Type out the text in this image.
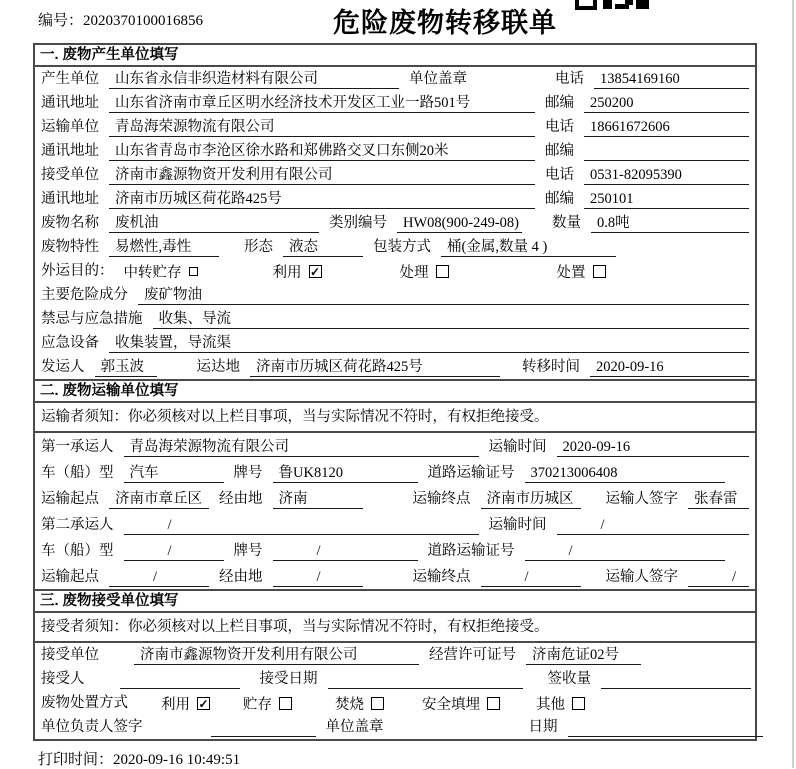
编号：2020370100016856	危险废物转移联单
一. 废物产生单位填写
产生单位	山东省永信非织造材料有限公司	单位盖章	电话	13854169160
通讯地址	山东省济南市章丘区明水经济技术开发区工业一路501号	邮编	250200
运输单位	青岛海荣源物流有限公司	电话	18661672606
通讯地址	山东省青岛市李沧区徐水路和郑佛路交叉口东侧20米	邮编
接受单位	济南市鑫源物资开发利用有限公司	电话	0531-82095390
通讯地址	济南市历城区荷花路425号	邮编	250101
废物名称	废机油	类别编号	HW08(900-249-08) 数量	0.8吨
废物特性	易燃性,毒性	形态	液态	包装方式	桶(金属,数量 4 )
外运目的： 中转贮存	利用 ✓	处理	处置
主要危险成分	废矿物油
禁忌与应急措施	收集、导流
应急设备	收集装置，导流渠
发运人	郭玉波	运达地	济南市历城区荷花路425号	转移时间	2020-09-16
二. 废物运输单位填写
运输者须知：你必须核对以上栏目事项，当与实际情况不符时，有权拒绝接受。
第一承运人	青岛海荣源物流有限公司	运输时间	2020-09-16
车（船）型	汽车	牌号	鲁UK8120	道路运输证号	370213006408
运输起点	济南市章丘区	经由地	济南	运输终点	济南市历城区	运输人签字	张春雷
第二承运人	/	运输时间	/
车（船）型	/	牌号	/	道路运输证号	/
运输起点	/	经由地	/	运输终点	/	运输人签字	/
三. 废物接受单位填写
接受者须知：你必须核对以上栏目事项，当与实际情况不符时，有权拒绝接受。
接受单位	济南市鑫源物资开发利用有限公司	经营许可证号	济南危证02号
接受人	接受日期	签收量
废物处置方式 利用 ✓ 贮存	焚烧	安全填埋	其他
单位负责人签字	单位盖章	日期
打印时间：2020-09-16 10:49:51
